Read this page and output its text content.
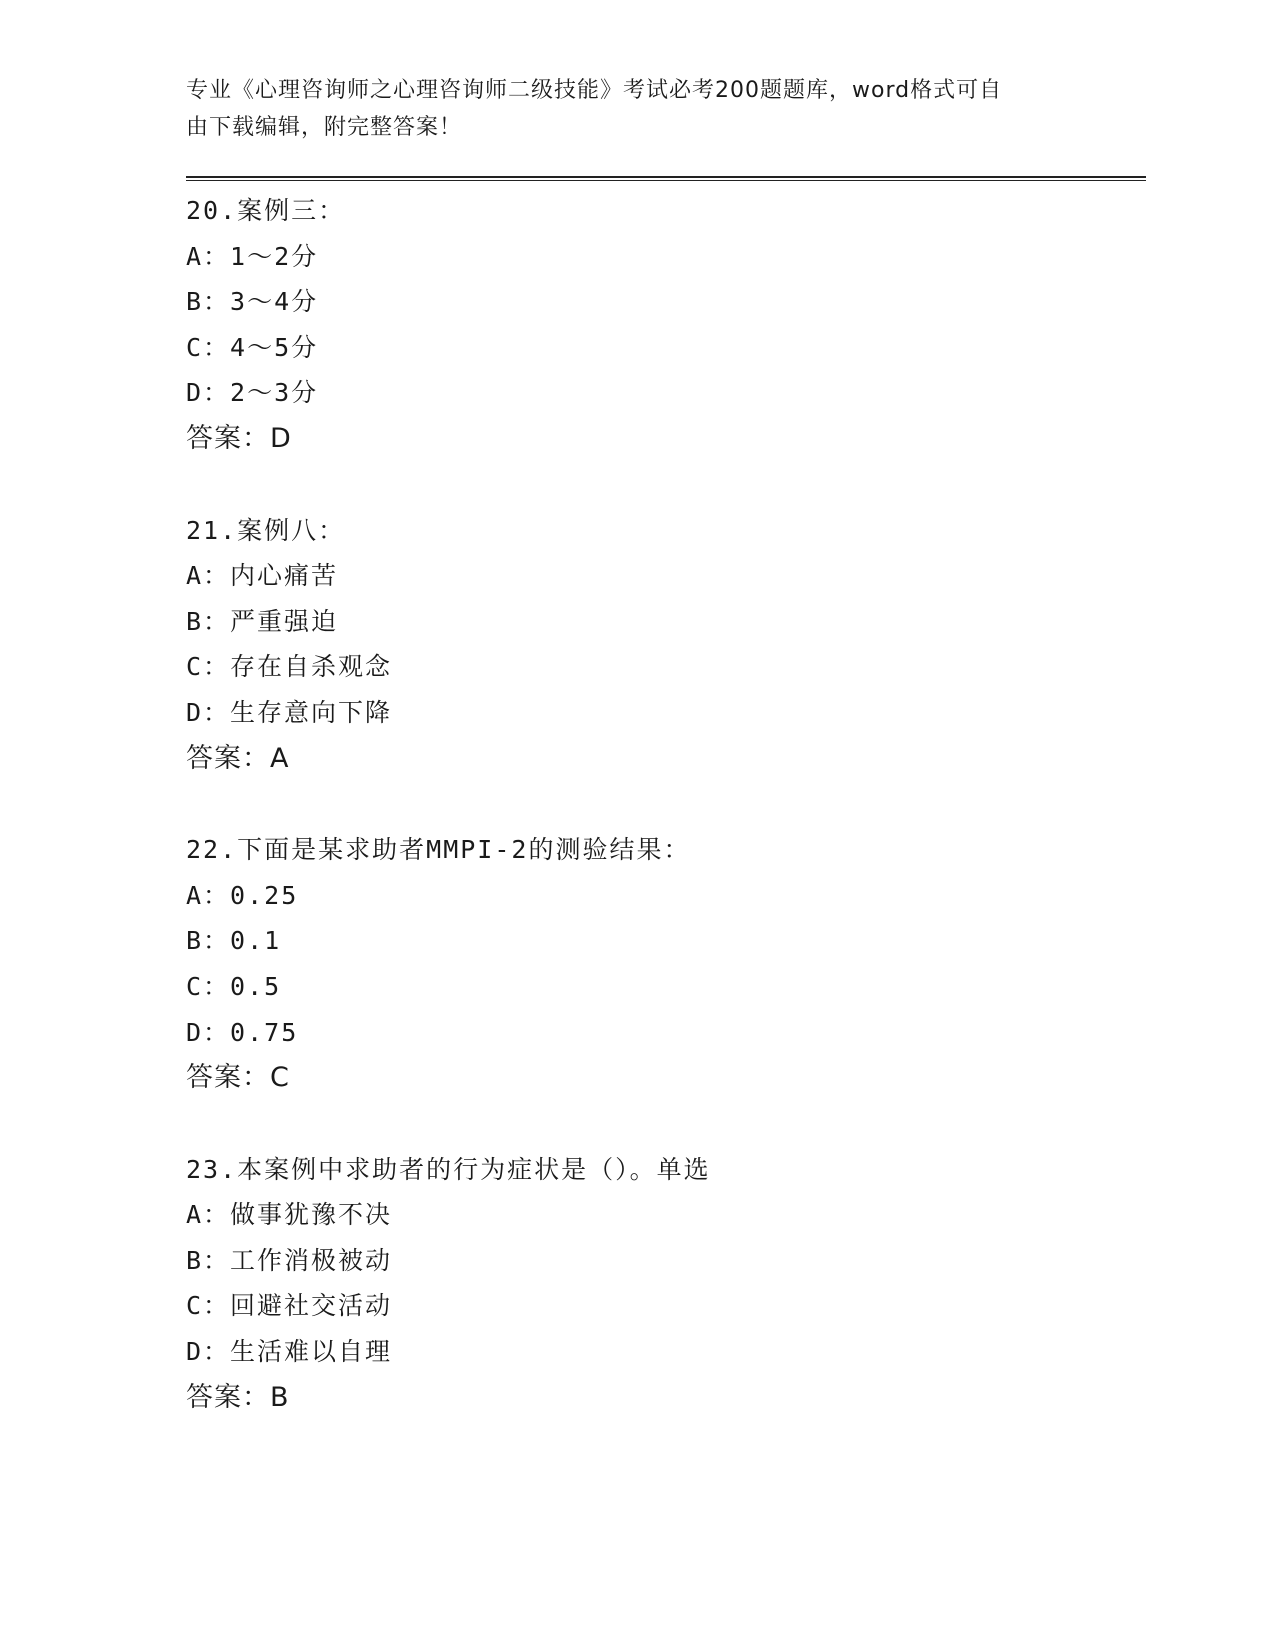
专业《心理咨询师之心理咨询师二级技能》考试必考200题题库，word格式可自
由下载编辑，附完整答案！
20.案例三：
A：1～2分
B：3～4分
C：4～5分
D：2～3分
答案：D
21.案例八：
A：内心痛苦
B：严重强迫
C：存在自杀观念
D：生存意向下降
答案：A
22.下面是某求助者MMPI-2的测验结果：
A：0.25
B：0.1
C：0.5
D：0.75
答案：C
23.本案例中求助者的行为症状是（）。单选
A：做事犹豫不决
B：工作消极被动
C：回避社交活动
D：生活难以自理
答案：B
